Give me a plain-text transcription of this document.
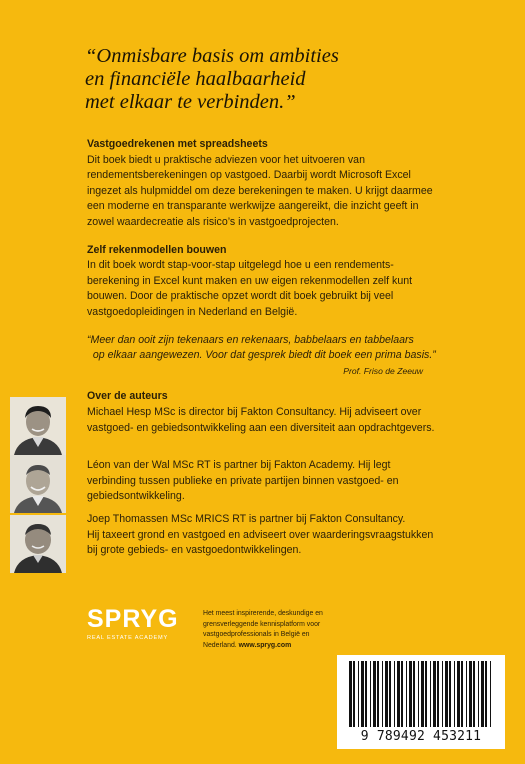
“Onmisbare basis om ambities
en financiële haalbaarheid
met elkaar te verbinden.”
Vastgoedrekenen met spreadsheets
Dit boek biedt u praktische adviezen voor het uitvoeren van
rendementsberekeningen op vastgoed. Daarbij wordt Microsoft Excel
ingezet als hulpmiddel om deze berekeningen te maken. U krijgt daarmee
een moderne en transparante werkwijze aangereikt, die inzicht geeft in
zowel waardecreatie als risico’s in vastgoedprojecten.
Zelf rekenmodellen bouwen
In dit boek wordt stap-voor-stap uitgelegd hoe u een rendements-
berekening in Excel kunt maken en uw eigen rekenmodellen zelf kunt
bouwen. Door de praktische opzet wordt dit boek gebruikt bij veel
vastgoedopleidingen in Nederland en België.
“Meer dan ooit zijn tekenaars en rekenaars, babbelaars en tabbelaars
op elkaar aangewezen. Voor dat gesprek biedt dit boek een prima basis.”
Prof. Friso de Zeeuw
Over de auteurs
Michael Hesp MSc is director bij Fakton Consultancy. Hij adviseert over
vastgoed- en gebiedsontwikkeling aan een diversiteit aan opdrachtgevers.
Léon van der Wal MSc RT is partner bij Fakton Academy. Hij legt
verbinding tussen publieke en private partijen binnen vastgoed- en
gebiedsontwikkeling.
Joep Thomassen MSc MRICS RT is partner bij Fakton Consultancy.
Hij taxeert grond en vastgoed en adviseert over waarderingsvraagstukken
bij grote gebieds- en vastgoedontwikkelingen.
SPRYG
REAL ESTATE ACADEMY
Het meest inspirerende, deskundige en
grensverleggende kennisplatform voor
vastgoedprofessionals in België en
Nederland. www.spryg.com
9 789492 453211
